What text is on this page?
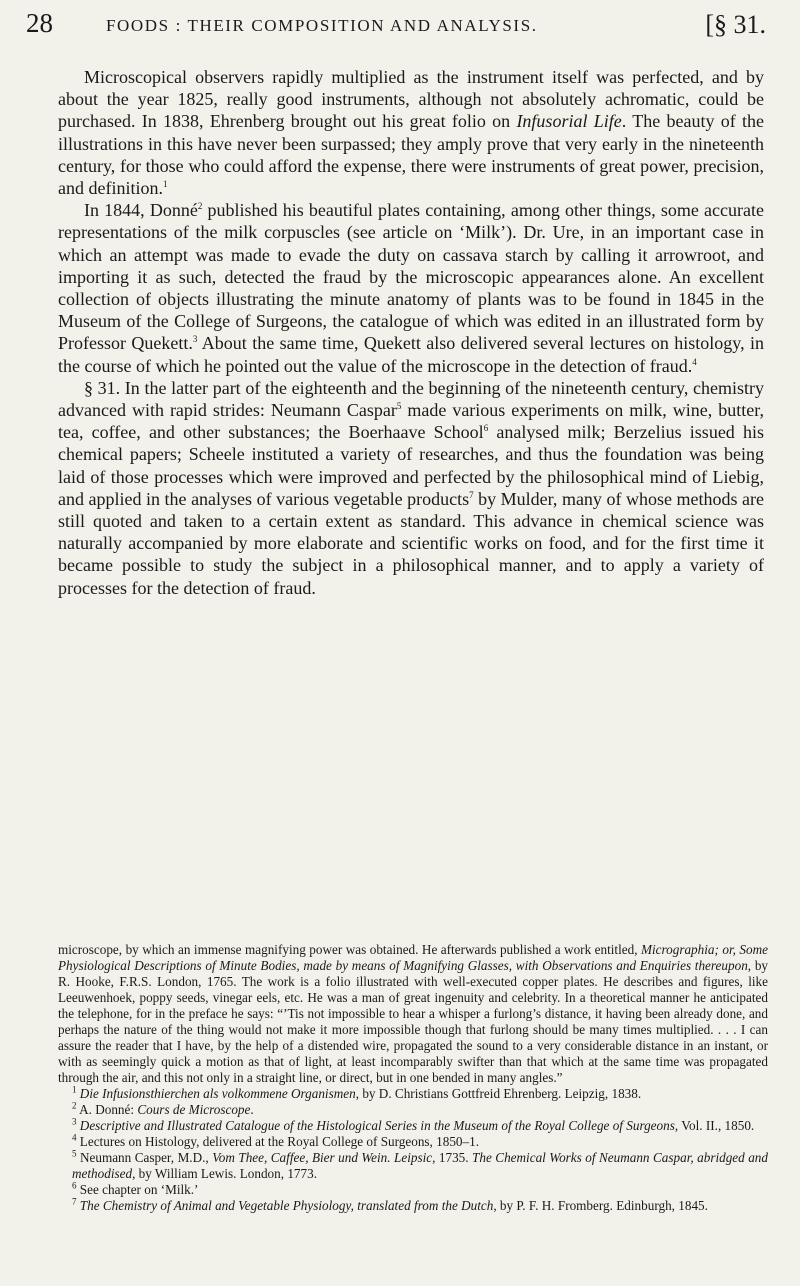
28	FOODS : THEIR COMPOSITION AND ANALYSIS.	[§ 31.

Microscopical observers rapidly multiplied as the instrument itself was perfected, and by about the year 1825, really good instruments, although not absolutely achromatic, could be purchased. In 1838, Ehrenberg brought out his great folio on Infusorial Life. The beauty of the illustrations in this have never been surpassed; they amply prove that very early in the nineteenth century, for those who could afford the expense, there were instruments of great power, precision, and definition.$^1$

In 1844, Donné$^2$ published his beautiful plates containing, among other things, some accurate representations of the milk corpuscles (see article on ‘Milk’). Dr. Ure, in an important case in which an attempt was made to evade the duty on cassava starch by calling it arrowroot, and importing it as such, detected the fraud by the microscopic appearances alone. An excellent collection of objects illustrating the minute anatomy of plants was to be found in 1845 in the Museum of the College of Surgeons, the catalogue of which was edited in an illustrated form by Professor Quekett.$^3$ About the same time, Quekett also delivered several lectures on histology, in the course of which he pointed out the value of the microscope in the detection of fraud.$^4$

§ 31. In the latter part of the eighteenth and the beginning of the nineteenth century, chemistry advanced with rapid strides: Neumann Caspar$^5$ made various experiments on milk, wine, butter, tea, coffee, and other substances; the Boerhaave School$^6$ analysed milk; Berzelius issued his chemical papers; Scheele instituted a variety of researches, and thus the foundation was being laid of those processes which were improved and perfected by the philosophical mind of Liebig, and applied in the analyses of various vegetable products$^7$ by Mulder, many of whose methods are still quoted and taken to a certain extent as standard. This advance in chemical science was naturally accompanied by more elaborate and scientific works on food, and for the first time it became possible to study the subject in a philosophical manner, and to apply a variety of processes for the detection of fraud.

microscope, by which an immense magnifying power was obtained. He afterwards published a work entitled, Micrographia; or, Some Physiological Descriptions of Minute Bodies, made by means of Magnifying Glasses, with Observations and Enquiries thereupon, by R. Hooke, F.R.S. London, 1765. The work is a folio illustrated with well-executed copper plates. He describes and figures, like Leeuwenhoek, poppy seeds, vinegar eels, etc. He was a man of great ingenuity and celebrity. In a theoretical manner he anticipated the telephone, for in the preface he says: “’Tis not impossible to hear a whisper a furlong’s distance, it having been already done, and perhaps the nature of the thing would not make it more impossible though that furlong should be many times multiplied. . . . I can assure the reader that I have, by the help of a distended wire, propagated the sound to a very considerable distance in an instant, or with as seemingly quick a motion as that of light, at least incomparably swifter than that which at the same time was propagated through the air, and this not only in a straight line, or direct, but in one bended in many angles.”

$^1$ Die Infusionsthierchen als volkommene Organismen, by D. Christians Gottfreid Ehrenberg. Leipzig, 1838.
$^2$ A. Donné: Cours de Microscope.
$^3$ Descriptive and Illustrated Catalogue of the Histological Series in the Museum of the Royal College of Surgeons, Vol. II., 1850.
$^4$ Lectures on Histology, delivered at the Royal College of Surgeons, 1850–1.
$^5$ Neumann Casper, M.D., Vom Thee, Caffee, Bier und Wein. Leipsic, 1735. The Chemical Works of Neumann Caspar, abridged and methodised, by William Lewis. London, 1773.
$^6$ See chapter on ‘Milk.’
$^7$ The Chemistry of Animal and Vegetable Physiology, translated from the Dutch, by P. F. H. Fromberg. Edinburgh, 1845.
